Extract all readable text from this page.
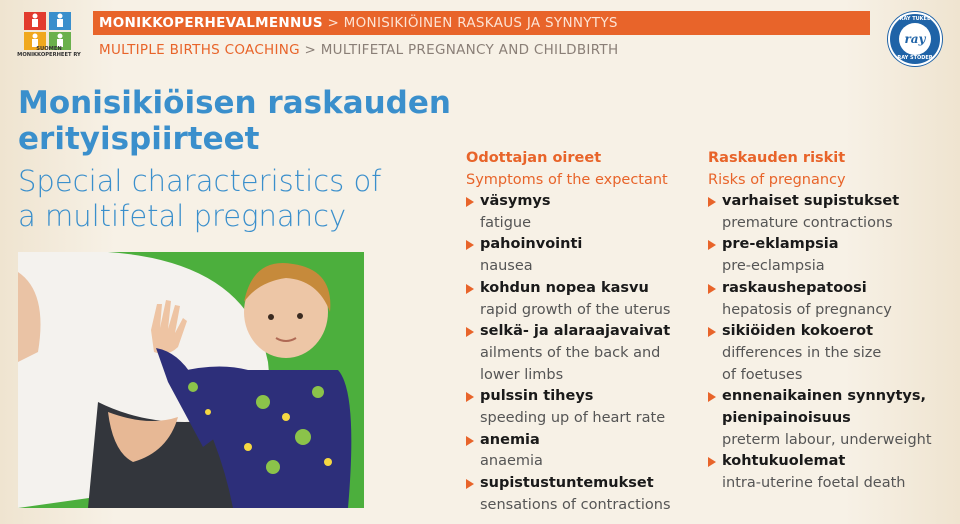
SUOMEN
MONIKKOPERHEET RY
MONIKKOPERHEVALMENNUS > MONISIKIÖINEN RASKAUS JA SYNNYTYS
MULTIPLE BIRTHS COACHING > MULTIFETAL PREGNANCY AND CHILDBIRTH
RAY TUKEE
ray
RAY STÖDER
Monisikiöisen raskauden
erityispiirteet
Special characteristics of
a multifetal pregnancy
Odottajan oireet
Symptoms of the expectant
väsymys
fatigue
pahoinvointi
nausea
kohdun nopea kasvu
rapid growth of the uterus
selkä- ja alaraajavaivat
ailments of the back and
lower limbs
pulssin tiheys
speeding up of heart rate
anemia
anaemia
supistustuntemukset
sensations of contractions
Raskauden riskit
Risks of pregnancy
varhaiset supistukset
premature contractions
pre-eklampsia
pre-eclampsia
raskaushepatoosi
hepatosis of pregnancy
sikiöiden kokoerot
differences in the size
of foetuses
ennenaikainen synnytys,
pienipainoisuus
preterm labour, underweight
kohtukuolemat
intra-uterine foetal death
